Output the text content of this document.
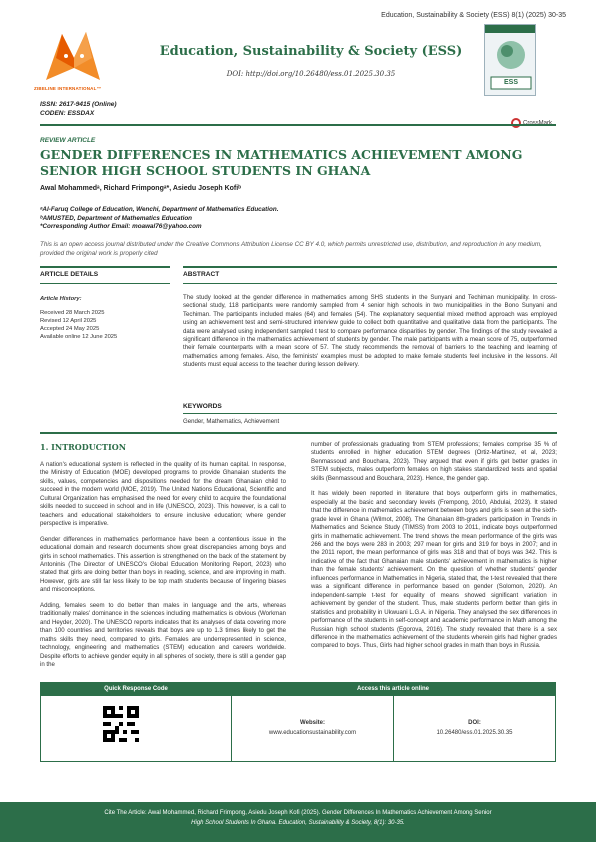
Education, Sustainability & Society (ESS) 8(1) (2025) 30-35
ZIBELINE INTERNATIONAL™
Education, Sustainability & Society (ESS)
DOI: http://doi.org/10.26480/ess.01.2025.30.35
ESS
ISSN: 2617-9415 (Online)
CODEN: ESSDAX
REVIEW ARTICLE
GENDER DIFFERENCES IN MATHEMATICS ACHIEVEMENT AMONG SENIOR HIGH SCHOOL STUDENTS IN GHANA
Awal Mohammedᵃ, Richard Frimpongᵃ*, Asiedu Joseph Kofiᵇ
ᵃAl-Faruq College of Education, Wenchi, Department of Mathematics Education.
ᵇAMUSTED, Department of Mathematics Education
*Corresponding Author Email: moawal76@yahoo.com
This is an open access journal distributed under the Creative Commons Attribution License CC BY 4.0, which permits unrestricted use, distribution, and reproduction in any medium, provided the original work is properly cited
ARTICLE DETAILS	ABSTRACT
Article History:
Received 28 March 2025
Revised 12 April 2025
Accepted 24 May 2025
Available online 12 June 2025
The study looked at the gender difference in mathematics among SHS students in the Sunyani and Techiman municipality. In cross-sectional study, 118 participants were randomly sampled from 4 senior high schools in two municipalities in the Bono Sunyani and Techiman. The participants included males (64) and females (54). The explanatory sequential mixed method approach was employed using an achievement test and semi-structured interview guide to collect both quantitative and qualitative data from the participants. The data were analysed using independent sampled t test to compare performance disparities by gender. The findings of the study revealed a significant difference in the mathematics achievement of students by gender. The male participants with a mean score of 75, outperformed their female counterparts with a mean score of 57. The study recommends the removal of barriers to the teaching and learning of mathematics among females. Also, the feminists' examples must be adopted to make female students feel inclusive in the lessons. All students must equal access to the teacher during lesson delivery.
KEYWORDS
Gender, Mathematics, Achievement
1. INTRODUCTION

A nation's educational system is reflected in the quality of its human capital. In response, the Ministry of Education (MOE) developed programs to provide Ghanaian students the skills, values, competencies and dispositions needed for the dream Ghanaian child to succeed in the modern world (MOE, 2019). The United Nations Educational, Scientific and Cultural Organization has emphasised the need for every child to acquire the foundational skills needed to succeed in school and in life (UNESCO, 2023). This however, is a call to teachers and educational stakeholders to ensure inclusive education; where gender perspective is imperative.

Gender differences in mathematics performance have been a contentious issue in the educational domain and research documents show great discrepancies among boys and girls in school mathematics. This assertion is strengthened on the back of the statement by Antoninis (The Director of UNESCO's Global Education Monitoring Report, 2023) who stated that girls are doing better than boys in reading, science, and are improving in math. However, girls are still far less likely to be top math students because of lingering biases and misconceptions.

Adding, females seem to do better than males in language and the arts, whereas traditionally males' dominance in the sciences including mathematics is obvious (Workman and Heyder, 2020). The UNESCO reports indicates that its analyses of data covering more than 100 countries and territories reveals that boys are up to 1.3 times likely to get the maths skills they need, compared to girls. Females are underrepresented in science, technology, engineering and mathematics (STEM) education and careers worldwide. Despite efforts to achieve gender equity in all spheres of society, there is still a gender gap in the

number of professionals graduating from STEM professions; females comprise 35 % of students enrolled in higher education STEM degrees (Ortiz-Martinez, et al, 2023; Benmassoud and Bouchara, 2023). They argued that even if girls get better grades in STEM subjects, males outperform females on high stakes standardized tests and spatial skills (Benmassoud and Bouchara, 2023). Hence, the gender gap.

It has widely been reported in literature that boys outperform girls in mathematics, especially at the basic and secondary levels (Frempong, 2010, Abdulai, 2023). It stated that the difference in mathematics achievement between boys and girls is seen at the sixth-grade level in Ghana (Wilmot, 2008). The Ghanaian 8th-graders participation in Trends in Mathematics and Science Study (TIMSS) from 2003 to 2011, indicate boys outperformed girls in mathematic achievement. The trend shows the mean performance of the girls was 266 and the boys were 283 in 2003; 297 mean for girls and 319 for boys in 2007; and in the 2011 report, the mean performance of girls was 318 and that of boys was 342. This is indicative of the fact that Ghanaian male students' achievement in mathematics is higher than the female students' achievement. On the question of whether students' gender influences performance in Mathematics in Nigeria, stated that, the t-test revealed that there was a significant difference in performance based on gender (Solomon, 2020). An independent-sample t-test for equality of means showed significant variation in achievement by gender of the student. Thus, male students perform better than girls in statistics and probability in Ukwuani L.G.A. in Nigeria. They analysed the sex differences in performance of the students in self-concept and academic performance in Math among the Russian high school students (Egorova, 2016). The study revealed that there is a sex difference in the mathematics achievement of the students wherein girls had higher grades compared to boys. Thus, Girls had higher school grades in math than boys in Russia.

Quick Response Code	Access this article online
Website:
www.educationsustainability.com
DOI:
10.26480/ess.01.2025.30.35
Cite The Article: Awal Mohammed, Richard Frimpong, Asiedu Joseph Kofi (2025). Gender Differences In Mathematics Achievement Among Senior
High School Students In Ghana. Education, Sustainability & Society, 8(1): 30-35.
